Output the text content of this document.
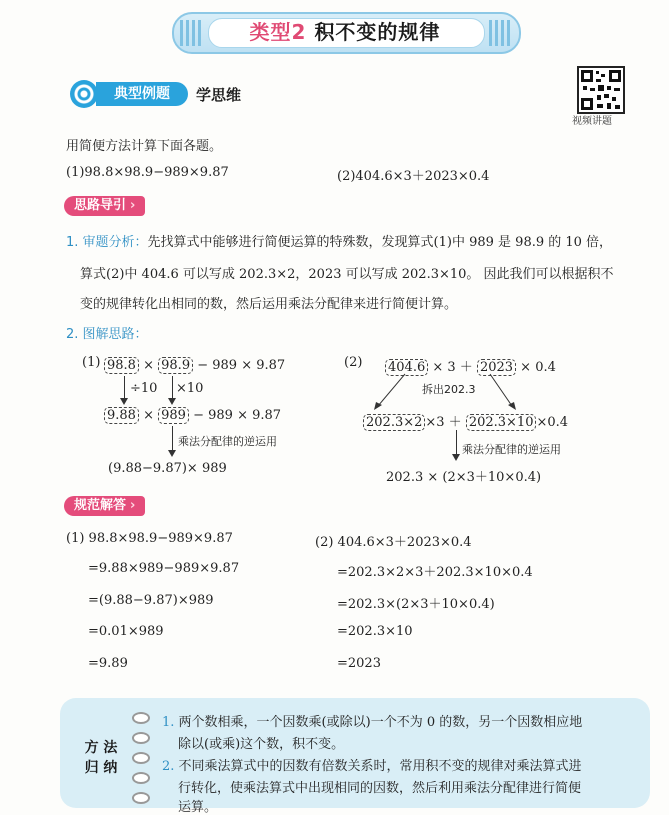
类型2 积不变的规律
典型例题	学思维
视频讲题
用简便方法计算下面各题。
(1)98.8×98.9−989×9.87	(2)404.6×3＋2023×0.4
思路导引 ›
1. 审题分析：先找算式中能够进行简便运算的特殊数，发现算式(1)中 989 是 98.9 的 10 倍，
算式(2)中 404.6 可以写成 202.3×2，2023 可以写成 202.3×10。 因此我们可以根据积不
变的规律转化出相同的数，然后运用乘法分配律来进行简便计算。
2. 图解思路：
(1) 98.8 × 98.9 − 989 × 9.87
÷10 ×10
9.88 × 989 − 989 × 9.87
乘法分配律的逆运用
(9.88−9.87)× 989
(2) 404.6 × 3 ＋ 2023 × 0.4
拆出202.3
202.3×2 ×3 ＋ 202.3×10 ×0.4
乘法分配律的逆运用
202.3 × (2×3＋10×0.4)
规范解答 ›
(1) 98.8×98.9−989×9.87
=9.88×989−989×9.87
=(9.88−9.87)×989
=0.01×989
=9.89
(2) 404.6×3＋2023×0.4
=202.3×2×3＋202.3×10×0.4
=202.3×(2×3＋10×0.4)
=202.3×10
=2023
方 法
归 纳
1. 两个数相乘，一个因数乘(或除以)一个不为 0 的数，另一个因数相应地
除以(或乘)这个数，积不变。
2. 不同乘法算式中的因数有倍数关系时，常用积不变的规律对乘法算式进
行转化，使乘法算式中出现相同的因数，然后利用乘法分配律进行简便
运算。
